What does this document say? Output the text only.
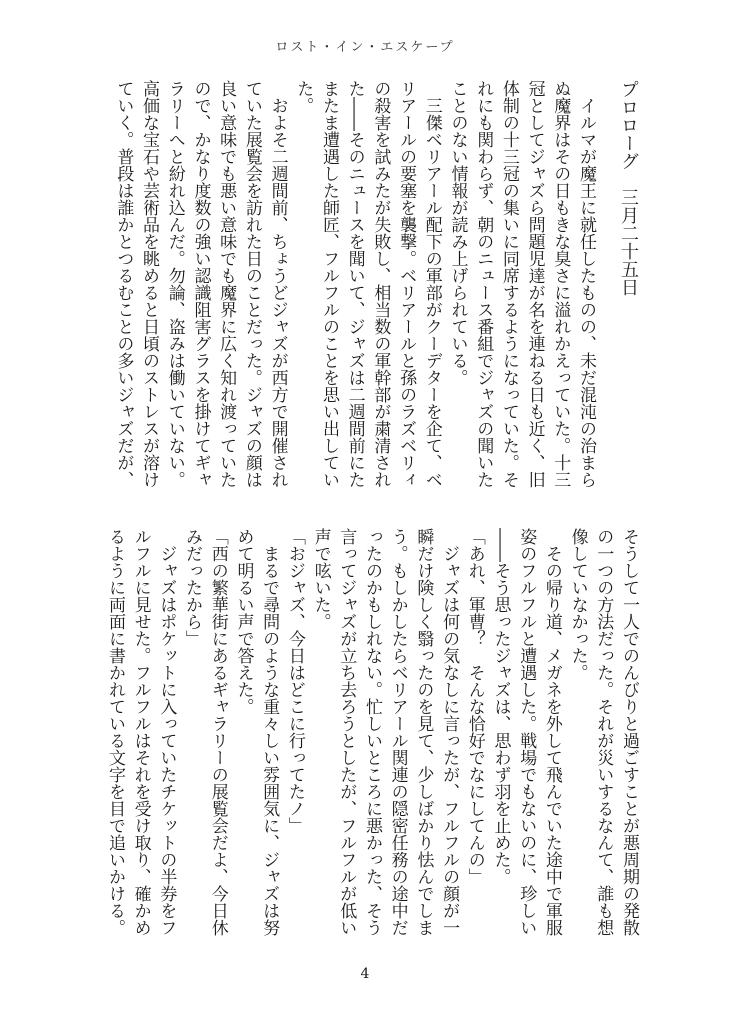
ロスト・イン・エスケープ
プロローグ　三月二十五日
　イルマが魔王に就任したものの、未だ混沌の治まら
ぬ魔界はその日もきな臭さに溢れかえっていた。十三
冠としてジャズら問題児達が名を連ねる日も近く、旧
体制の十三冠の集いに同席するようになっていた。そ
れにも関わらず、朝のニュース番組でジャズの聞いた
ことのない情報が読み上げられている。
　三傑ベリアール配下の軍部がクーデターを企て、ベ
リアールの要塞を襲撃。ベリアールと孫のラズベリィ
の殺害を試みたが失敗し、相当数の軍幹部が粛清され
た――そのニュースを聞いて、ジャズは二週間前にた
またま遭遇した師匠、フルフルのことを思い出してい
た。
　およそ二週間前、ちょうどジャズが西方で開催され
ていた展覧会を訪れた日のことだった。ジャズの顔は
良い意味でも悪い意味でも魔界に広く知れ渡っていた
ので、かなり度数の強い認識阻害グラスを掛けてギャ
ラリーへと紛れ込んだ。勿論、盗みは働いていない。
高価な宝石や芸術品を眺めると日頃のストレスが溶け
ていく。普段は誰かとつるむことの多いジャズだが、
そうして一人でのんびりと過ごすことが悪周期の発散
の一つの方法だった。それが災いするなんて、誰も想
像していなかった。
　その帰り道、メガネを外して飛んでいた途中で軍服
姿のフルフルと遭遇した。戦場でもないのに、珍しい
――そう思ったジャズは、思わず羽を止めた。
「あれ、軍曹？　そんな恰好でなにしてんの」
　ジャズは何の気なしに言ったが、フルフルの顔が一
瞬だけ険しく翳ったのを見て、少しばかり怯んでしま
う。もしかしたらベリアール関連の隠密任務の途中だ
ったのかもしれない。忙しいところに悪かった、そう
言ってジャズが立ち去ろうとしたが、フルフルが低い
声で呟いた。
「おジャズ、今日はどこに行ってたノ」
　まるで尋問のような重々しい雰囲気に、ジャズは努
めて明るい声で答えた。
「西の繁華街にあるギャラリーの展覧会だよ、今日休
みだったから」
　ジャズはポケットに入っていたチケットの半券をフ
ルフルに見せた。フルフルはそれを受け取り、確かめ
るように両面に書かれている文字を目で追いかける。
4
